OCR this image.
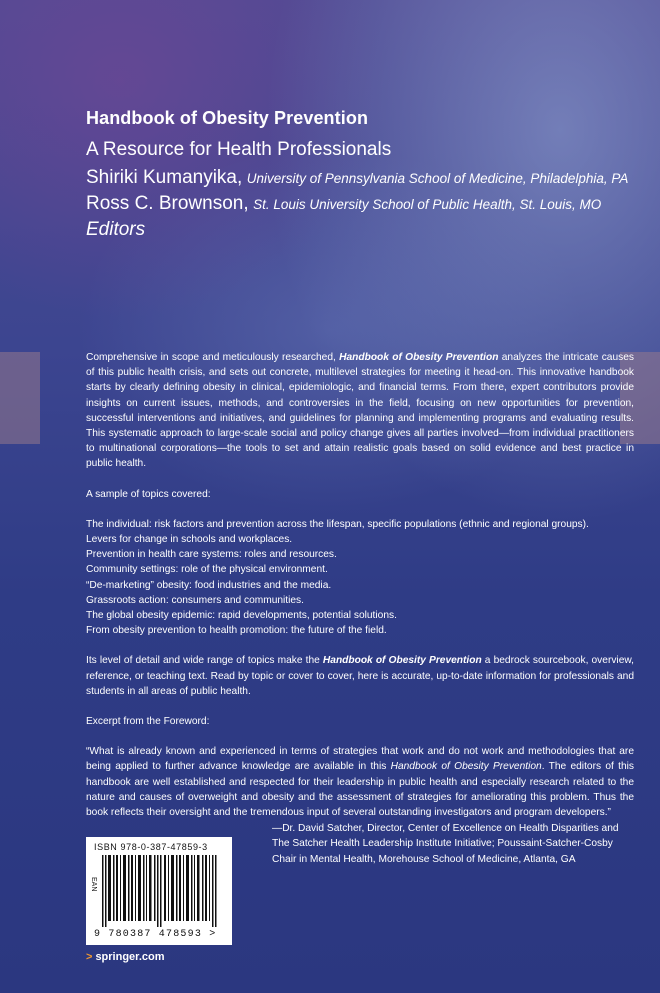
Handbook of Obesity Prevention
A Resource for Health Professionals
Shiriki Kumanyika, University of Pennsylvania School of Medicine, Philadelphia, PA
Ross C. Brownson, St. Louis University School of Public Health, St. Louis, MO
Editors

Comprehensive in scope and meticulously researched, Handbook of Obesity Prevention analyzes the intricate causes of this public health crisis, and sets out concrete, multilevel strategies for meeting it head-on. This innovative handbook starts by clearly defining obesity in clinical, epidemiologic, and financial terms. From there, expert contributors provide insights on current issues, methods, and controversies in the field, focusing on new opportunities for prevention, successful interventions and initiatives, and guidelines for planning and implementing programs and evaluating results. This systematic approach to large-scale social and policy change gives all parties involved—from individual practitioners to multinational corporations—the tools to set and attain realistic goals based on solid evidence and best practice in public health.

A sample of topics covered:

The individual: risk factors and prevention across the lifespan, specific populations (ethnic and regional groups).
Levers for change in schools and workplaces.
Prevention in health care systems: roles and resources.
Community settings: role of the physical environment.
“De-marketing” obesity: food industries and the media.
Grassroots action: consumers and communities.
The global obesity epidemic: rapid developments, potential solutions.
From obesity prevention to health promotion: the future of the field.

Its level of detail and wide range of topics make the Handbook of Obesity Prevention a bedrock sourcebook, overview, reference, or teaching text. Read by topic or cover to cover, here is accurate, up-to-date information for professionals and students in all areas of public health.

Excerpt from the Foreword:

“What is already known and experienced in terms of strategies that work and do not work and methodologies that are being applied to further advance knowledge are available in this Handbook of Obesity Prevention. The editors of this handbook are well established and respected for their leadership in public health and especially research related to the nature and causes of overweight and obesity and the assessment of strategies for ameliorating this problem. Thus the book reflects their oversight and the tremendous input of several outstanding investigators and program developers.”

—Dr. David Satcher, Director, Center of Excellence on Health Disparities and The Satcher Health Leadership Institute Initiative; Poussaint-Satcher-Cosby Chair in Mental Health, Morehouse School of Medicine, Atlanta, GA
ISBN 978-0-387-47859-3
EAN
9 780387 478593 >
> springer.com
